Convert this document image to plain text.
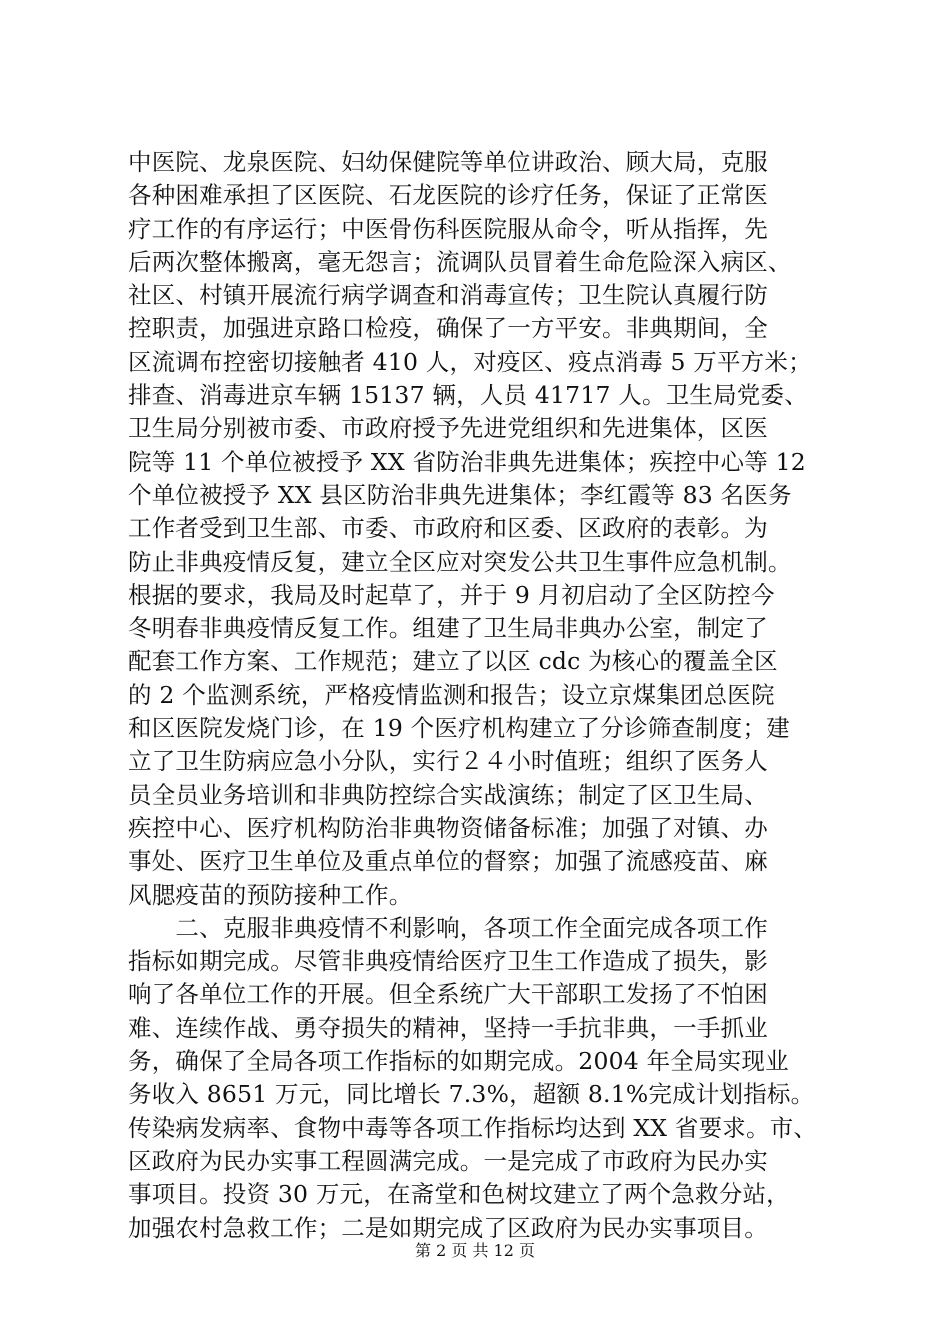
中医院、龙泉医院、妇幼保健院等单位讲政治、顾大局，克服
各种困难承担了区医院、石龙医院的诊疗任务，保证了正常医
疗工作的有序运行；中医骨伤科医院服从命令，听从指挥，先
后两次整体搬离，毫无怨言；流调队员冒着生命危险深入病区、
社区、村镇开展流行病学调查和消毒宣传；卫生院认真履行防
控职责，加强进京路口检疫，确保了一方平安。非典期间，全
区流调布控密切接触者 410 人，对疫区、疫点消毒 5 万平方米；
排查、消毒进京车辆 15137 辆，人员 41717 人。卫生局党委、
卫生局分别被市委、市政府授予先进党组织和先进集体，区医
院等 11 个单位被授予 XX 省防治非典先进集体；疾控中心等 12
个单位被授予 XX 县区防治非典先进集体；李红霞等 83 名医务
工作者受到卫生部、市委、市政府和区委、区政府的表彰。为
防止非典疫情反复，建立全区应对突发公共卫生事件应急机制。
根据的要求，我局及时起草了，并于 9 月初启动了全区防控今
冬明春非典疫情反复工作。组建了卫生局非典办公室，制定了
配套工作方案、工作规范；建立了以区 cdc 为核心的覆盖全区
的 2 个监测系统，严格疫情监测和报告；设立京煤集团总医院
和区医院发烧门诊，在 19 个医疗机构建立了分诊筛查制度；建
立了卫生防病应急小分队，实行２４小时值班；组织了医务人
员全员业务培训和非典防控综合实战演练；制定了区卫生局、
疾控中心、医疗机构防治非典物资储备标准；加强了对镇、办
事处、医疗卫生单位及重点单位的督察；加强了流感疫苗、麻
风腮疫苗的预防接种工作。
　　二、克服非典疫情不利影响，各项工作全面完成各项工作
指标如期完成。尽管非典疫情给医疗卫生工作造成了损失，影
响了各单位工作的开展。但全系统广大干部职工发扬了不怕困
难、连续作战、勇夺损失的精神，坚持一手抗非典，一手抓业
务，确保了全局各项工作指标的如期完成。2004 年全局实现业
务收入 8651 万元，同比增长 7.3%，超额 8.1%完成计划指标。
传染病发病率、食物中毒等各项工作指标均达到 XX 省要求。市、
区政府为民办实事工程圆满完成。一是完成了市政府为民办实
事项目。投资 30 万元，在斋堂和色树坟建立了两个急救分站，
加强农村急救工作；二是如期完成了区政府为民办实事项目。
第 2 页 共 12 页
